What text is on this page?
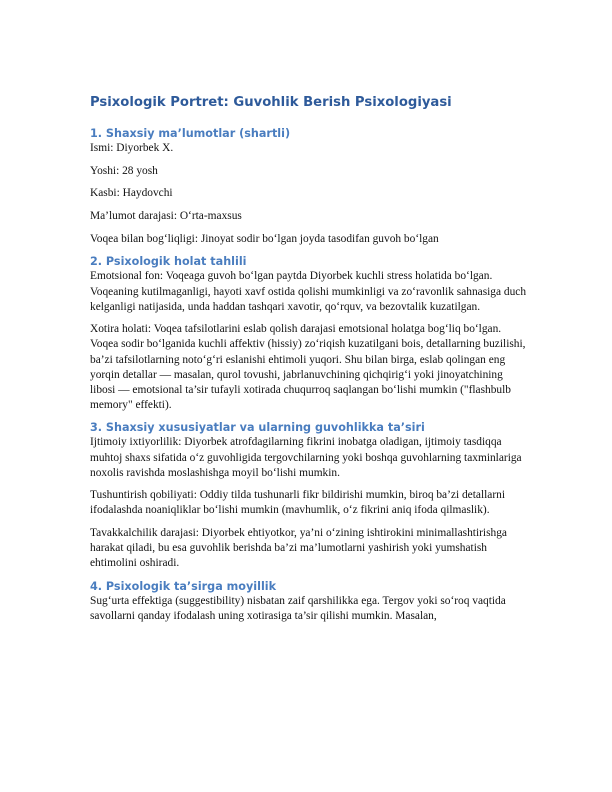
Psixologik Portret: Guvohlik Berish Psixologiyasi
1. Shaxsiy ma’lumotlar (shartli)

Ismi: Diyorbek X.

Yoshi: 28 yosh

Kasbi: Haydovchi

Ma’lumot darajasi: O‘rta-maxsus

Voqea bilan bog‘liqligi: Jinoyat sodir bo‘lgan joyda tasodifan guvoh bo‘lgan

2. Psixologik holat tahlili

Emotsional fon: Voqeaga guvoh bo‘lgan paytda Diyorbek kuchli stress holatida bo‘lgan. Voqeaning kutilmaganligi, hayoti xavf ostida qolishi mumkinligi va zo‘ravonlik sahnasiga duch kelganligi natijasida, unda haddan tashqari xavotir, qo‘rquv, va bezovtalik kuzatilgan.

Xotira holati: Voqea tafsilotlarini eslab qolish darajasi emotsional holatga bog‘liq bo‘lgan. Voqea sodir bo‘lganida kuchli affektiv (hissiy) zo‘riqish kuzatilgani bois, detallarning buzilishi, ba’zi tafsilotlarning noto‘g‘ri eslanishi ehtimoli yuqori. Shu bilan birga, eslab qolingan eng yorqin detallar — masalan, qurol tovushi, jabrlanuvchining qichqirig‘i yoki jinoyatchining libosi — emotsional ta’sir tufayli xotirada chuqurroq saqlangan bo‘lishi mumkin ("flashbulb memory" effekti).

3. Shaxsiy xususiyatlar va ularning guvohlikka ta’siri

Ijtimoiy ixtiyorlilik: Diyorbek atrofdagilarning fikrini inobatga oladigan, ijtimoiy tasdiqqa muhtoj shaxs sifatida o‘z guvohligida tergovchilarning yoki boshqa guvohlarning taxminlariga noxolis ravishda moslashishga moyil bo‘lishi mumkin.

Tushuntirish qobiliyati: Oddiy tilda tushunarli fikr bildirishi mumkin, biroq ba’zi detallarni ifodalashda noaniqliklar bo‘lishi mumkin (mavhumlik, o‘z fikrini aniq ifoda qilmaslik).

Tavakkalchilik darajasi: Diyorbek ehtiyotkor, ya’ni o‘zining ishtirokini minimallashtirishga harakat qiladi, bu esa guvohlik berishda ba’zi ma’lumotlarni yashirish yoki yumshatish ehtimolini oshiradi.

4. Psixologik ta’sirga moyillik

Sug‘urta effektiga (suggestibility) nisbatan zaif qarshilikka ega. Tergov yoki so‘roq vaqtida savollarni qanday ifodalash uning xotirasiga ta’sir qilishi mumkin. Masalan,
